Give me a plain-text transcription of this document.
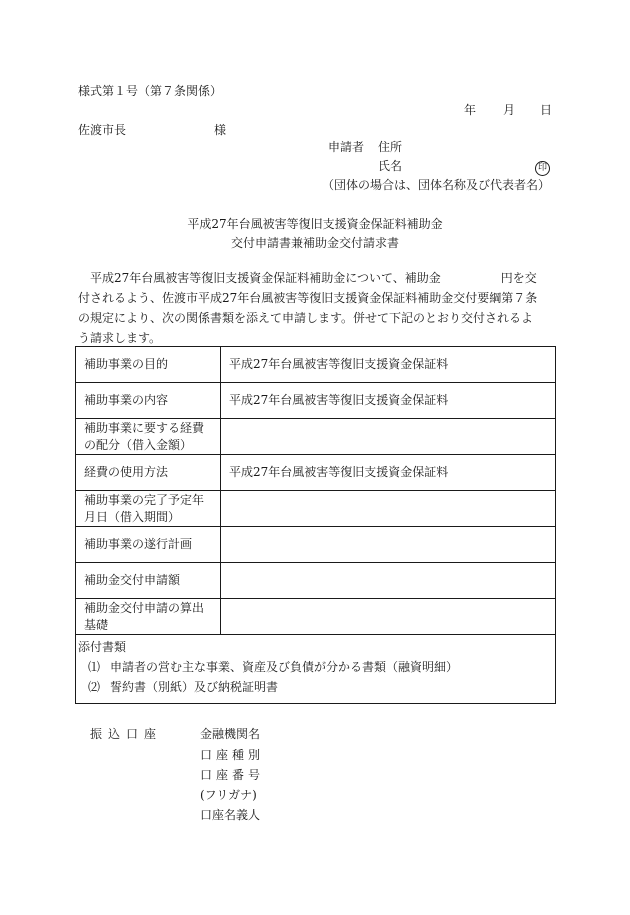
様式第１号（第７条関係）
年 月 日
佐渡市長	様
申請者 住所
氏名	印
（団体の場合は、団体名称及び代表者名）
平成27年台風被害等復旧支援資金保証料補助金
交付申請書兼補助金交付請求書

　平成27年台風被害等復旧支援資金保証料補助金について、補助金　　　　　円を交

付されるよう、佐渡市平成27年台風被害等復旧支援資金保証料補助金交付要綱第７条

の規定により、次の関係書類を添えて申請します。併せて下記のとおり交付されるよ

う請求します。

補助事業の目的	平成27年台風被害等復旧支援資金保証料
補助事業の内容	平成27年台風被害等復旧支援資金保証料
補助事業に要する経費の配分（借入金額）	
経費の使用方法	平成27年台風被害等復旧支援資金保証料
補助事業の完了予定年月日（借入期間）	
補助事業の遂行計画	
補助金交付申請額	
補助金交付申請の算出基礎	
添付書類
⑴ 申請者の営む主な事業、資産及び負債が分かる書類（融資明細）
⑵ 誓約書（別紙）及び納税証明書
振込口座	金融機関名
口座種別
口座番号
(フリガナ)
口座名義人
